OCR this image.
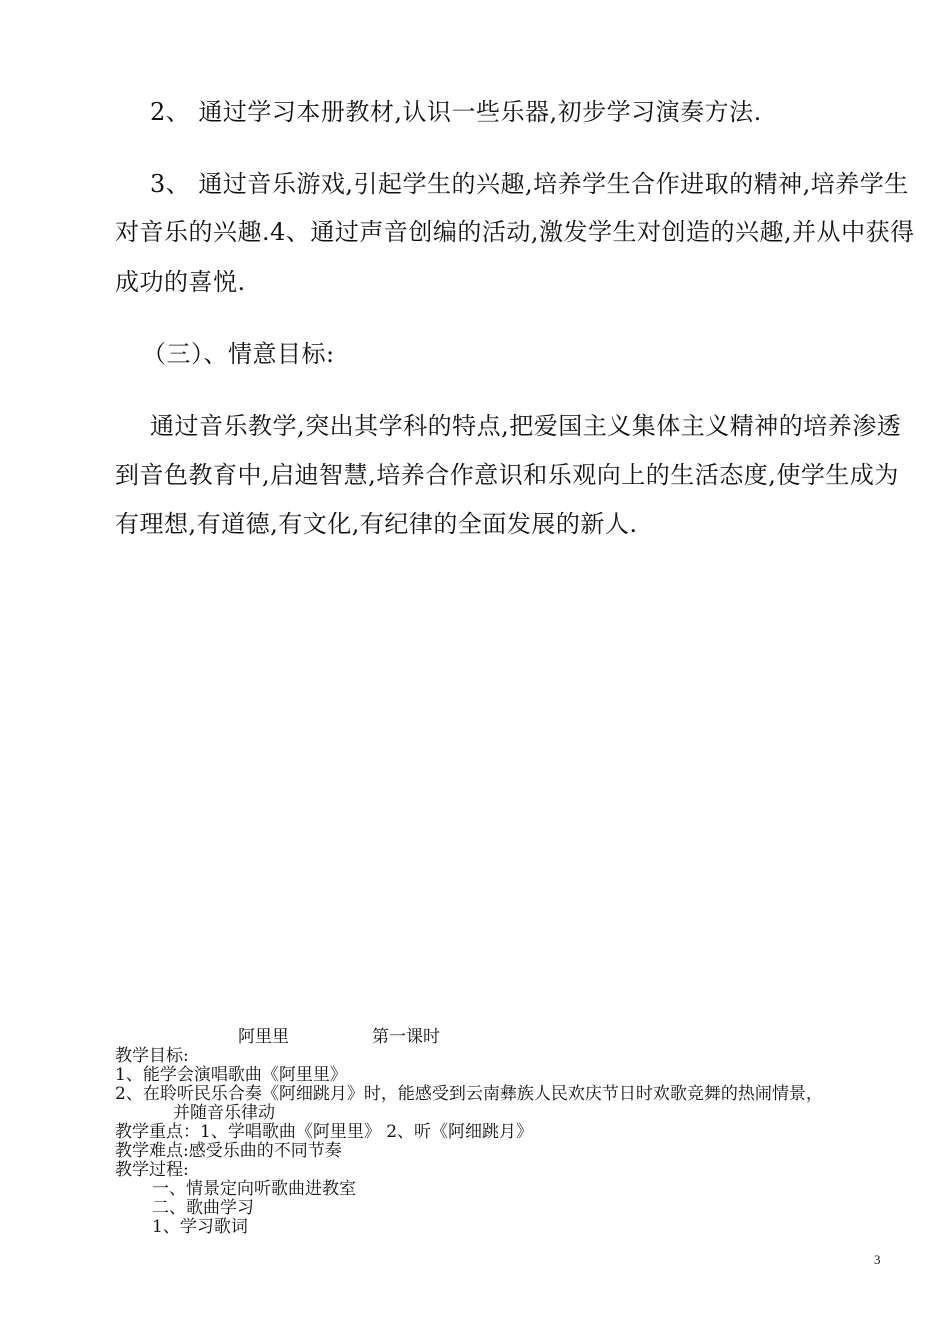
2、 通过学习本册教材,认识一些乐器,初步学习演奏方法.
3、 通过音乐游戏,引起学生的兴趣,培养学生合作进取的精神,培养学生
对音乐的兴趣.4、通过声音创编的活动,激发学生对创造的兴趣,并从中获得
成功的喜悦.
（三）、情意目标:
通过音乐教学,突出其学科的特点,把爱国主义集体主义精神的培养渗透
到音色教育中,启迪智慧,培养合作意识和乐观向上的生活态度,使学生成为
有理想,有道德,有文化,有纪律的全面发展的新人.
阿里里	第一课时
教学目标:
1、能学会演唱歌曲《阿里里》
2、在聆听民乐合奏《阿细跳月》时，能感受到云南彝族人民欢庆节日时欢歌竞舞的热闹情景，
并随音乐律动
教学重点：1、学唱歌曲《阿里里》 2、听《阿细跳月》
教学难点:感受乐曲的不同节奏
教学过程:
一、情景定向听歌曲进教室
二、歌曲学习
1、学习歌词
3
